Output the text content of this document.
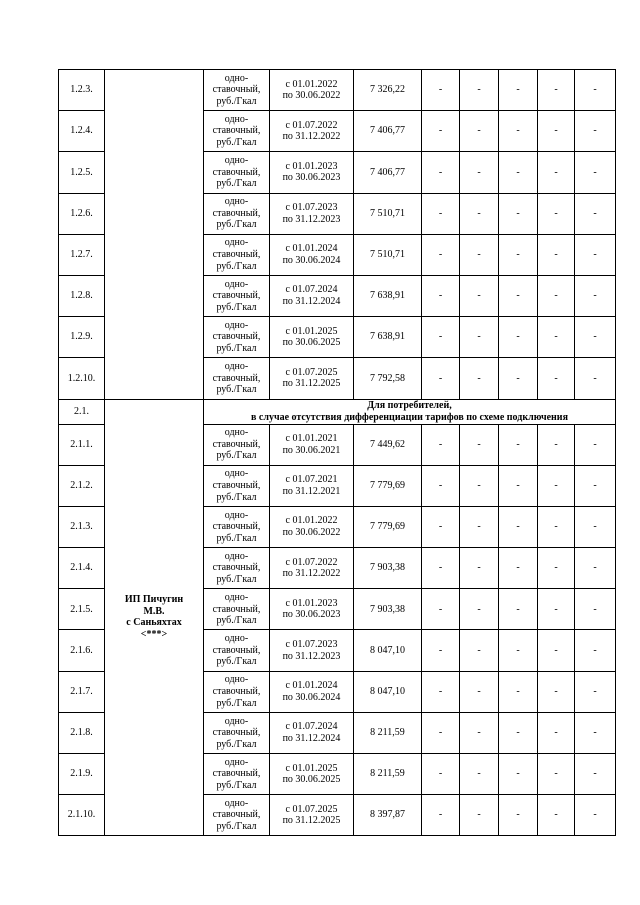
1.2.3.		одно-
ставочный,
руб./Гкал	с 01.01.2022
по 30.06.2022	7 326,22	-	-	-	-	-
1.2.4.		одно-
ставочный,
руб./Гкал	с 01.07.2022
по 31.12.2022	7 406,77	-	-	-	-	-
1.2.5.		одно-
ставочный,
руб./Гкал	с 01.01.2023
по 30.06.2023	7 406,77	-	-	-	-	-
1.2.6.		одно-
ставочный,
руб./Гкал	с 01.07.2023
по 31.12.2023	7 510,71	-	-	-	-	-
1.2.7.		одно-
ставочный,
руб./Гкал	с 01.01.2024
по 30.06.2024	7 510,71	-	-	-	-	-
1.2.8.		одно-
ставочный,
руб./Гкал	с 01.07.2024
по 31.12.2024	7 638,91	-	-	-	-	-
1.2.9.		одно-
ставочный,
руб./Гкал	с 01.01.2025
по 30.06.2025	7 638,91	-	-	-	-	-
1.2.10.		одно-
ставочный,
руб./Гкал	с 01.07.2025
по 31.12.2025	7 792,58	-	-	-	-	-
2.1.	ИП Пичугин
М.В.
с Саньяхтах
<***>	Для потребителей,
в случае отсутствия дифференциации тарифов по схеме подключения							
2.1.1.		одно-
ставочный,
руб./Гкал	с 01.01.2021
по 30.06.2021	7 449,62	-	-	-	-	-
2.1.2.		одно-
ставочный,
руб./Гкал	с 01.07.2021
по 31.12.2021	7 779,69	-	-	-	-	-
2.1.3.		одно-
ставочный,
руб./Гкал	с 01.01.2022
по 30.06.2022	7 779,69	-	-	-	-	-
2.1.4.		одно-
ставочный,
руб./Гкал	с 01.07.2022
по 31.12.2022	7 903,38	-	-	-	-	-
2.1.5.		одно-
ставочный,
руб./Гкал	с 01.01.2023
по 30.06.2023	7 903,38	-	-	-	-	-
2.1.6.		одно-
ставочный,
руб./Гкал	с 01.07.2023
по 31.12.2023	8 047,10	-	-	-	-	-
2.1.7.		одно-
ставочный,
руб./Гкал	с 01.01.2024
по 30.06.2024	8 047,10	-	-	-	-	-
2.1.8.		одно-
ставочный,
руб./Гкал	с 01.07.2024
по 31.12.2024	8 211,59	-	-	-	-	-
2.1.9.		одно-
ставочный,
руб./Гкал	с 01.01.2025
по 30.06.2025	8 211,59	-	-	-	-	-
2.1.10.		одно-
ставочный,
руб./Гкал	с 01.07.2025
по 31.12.2025	8 397,87	-	-	-	-	-
